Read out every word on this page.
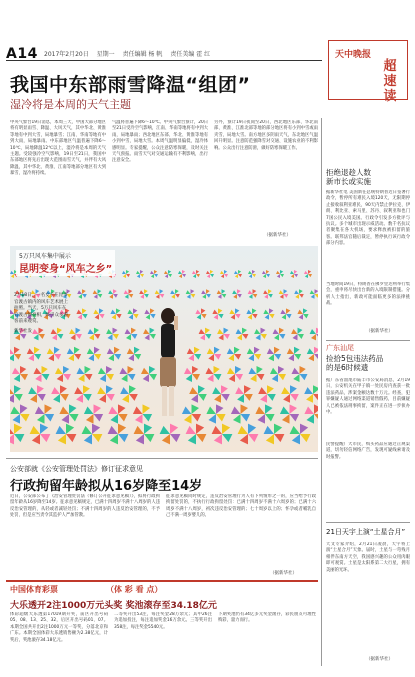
A14 2017年2月20日 星期一 责任编辑 杨 帆 责任美编 霍 红	天中晚报
超速读
我国中东部雨雪降温“组团”
湿冷将是本周的天气主题
中央气象台19日消息，本周三天，中国大部分地区将有明显雨雪、降温、大风天气，其中华北、黄淮等地有中到大雪，局地暴雪；江南、华南等地有中到大雨，局地暴雨。中东部地区气温普遍下降6～10℃，局地降温12℃以上，湿冷将是本周的天气主题。受较强冷空气影响，19日至21日，我国中东部地区将先后出现大范围雨雪天气，并伴有大风降温，其中华北、黄淮、江南等地部分地区有大到暴雪，湿冷将持续。
气温将普遍下降6～10℃。中央气象台预计，20日至21日受冷空气影响，江南、华南等地将有中到大雨，局地暴雨；西北地区东部、华北、黄淮等地有小到中雪，局地大雪。本周气温明显偏低，湿冷体感明显。专家提醒，公众注意防寒保暖，及时关注天气预报。雨雪天气对交通运输有不利影响，出行注意安全。
另外，预计19日夜间至20日，西北地区东部、华北南部、黄淮、江淮北部等地的部分地区将有小到中雪或雨夹雪，局地大雪。南方地区多阴雨天气，东北地区气温回升明显。注意防范强降雪对交通、设施农业的不利影响。公众出行注意防滑，做好防寒保暖工作。
（据新华社）
5万只风车集中展示
昆明变身“风车之乡”
2月18日，一名女子在昆市官渡古镇内的风车艺术展上拍照。当天，5万只风车在官渡古镇亮相，吸引众多游客前来观赏。
新华社发
公安部就《公安管理处罚法》修订征求意见
行政拘留年龄拟从16岁降至14岁
近日，公安部公布了《治安管理处罚法（修订公开征求意见稿）》，拟将行政拘留年龄从16岁降至14岁。征求意见稿规定，已满十四周岁不满十八周岁的人违反治安管理的，从轻或者减轻处罚；不满十四周岁的人违反治安管理的，不予处罚，但是应当责令其监护人严加管教。
征求意见稿同时规定，违反治安管理行为人有下列情形之一的，应当给予行政拘留处罚的，不执行行政拘留处罚：已满十四周岁不满十六周岁的；已满十六周岁不满十八周岁，初次违反治安管理的；七十周岁以上的；怀孕或者哺乳自己不满一周岁婴儿的。
（据新华社）
中国体育彩票	（体 彩 看 点）
大乐透开2注1000万元头奖 奖池滚存至34.18亿元
体彩超级大乐透第17019期开奖，前区开出号码05、08、13、25、32，后区开出号码01、07。本期全国共开出2注1000万元一等奖，分落北京和广东。本期全国体彩大乐透销售额为2.38亿元，计奖后，奖池滚存34.18亿元。
二等奖开出53注，每注奖金28万余元；其中26注为追加投注，每注追加奖金16万余元。三等奖开出358注，每注奖金5540元。
下期奖池仍有34亿多元奖金滚存，彩民朋友可理性购彩，量力而行。
拒绝退趁人数
新市长或实施
据新华社电 美国新任总统特朗普近日签署行政令，暂停所有难民入境120天，无限期停止接收叙利亚难民，90天内禁止伊拉克、伊朗、利比亚、索马里、苏丹、叙利亚和也门7国公民入境美国。行政令引发多方批评与抗议。多个城市出现示威活动。数千名抗议者聚集在各大机场，要求释放被扣留的旅客。联邦法官随后裁定，暂停执行该行政令部分内容。
当地时间19日，特朗普在佛罗里达州举行集会，重申将尽快出台新的入境限制措施。分析人士指出，新政可能面临更多的法律挑战。
（据新华社）
广东汕尾
捡拾5包违法药品
的是6时候遗
据广东省汕尾市陆丰市公安局消息，2月19日，公安机关在甲子镇一处民房内查获一批违法药品，涉案金额达数十万元。经查，犯罪嫌疑人通过网络渠道销售假药，目前嫌疑人已被依法刑事拘留，案件正在进一步侦办中。
民警提醒广大市民，购买药品应通过正规渠道，切勿轻信网络广告，发现可疑线索请及时报警。
21日天宇上演“土星合月”
天文专家介绍，2月21日凌晨，天宇将上演“土星合月”天象。届时，土星与一弯残月相伴东南方天空，我国感兴趣的公众用肉眼即可观赏。土星是太阳系第二大行星，拥有美丽的光环。
（据新华社）
